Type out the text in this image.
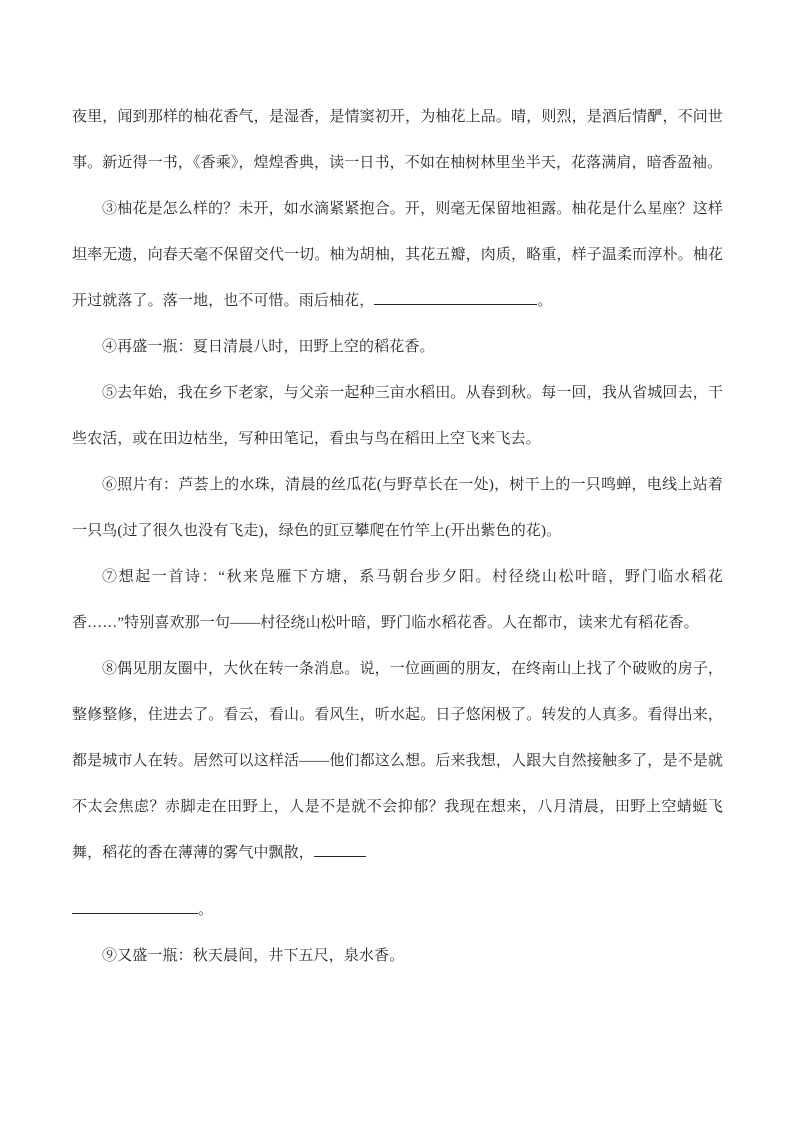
夜里，闻到那样的柚花香气，是湿香，是情窦初开，为柚花上品。晴，则烈，是酒后情酽，不问世事。新近得一书，《香乘》，煌煌香典，读一日书，不如在柚树林里坐半天，花落满肩，暗香盈袖。

③柚花是怎么样的？未开，如水滴紧紧抱合。开，则毫无保留地袒露。柚花是什么星座？这样坦率无遗，向春天毫不保留交代一切。柚为胡柚，其花五瓣，肉质，略重，样子温柔而淳朴。柚花开过就落了。落一地，也不可惜。雨后柚花，	。

④再盛一瓶：夏日清晨八时，田野上空的稻花香。

⑤去年始，我在乡下老家，与父亲一起种三亩水稻田。从春到秋。每一回，我从省城回去，干些农活，或在田边枯坐，写种田笔记，看虫与鸟在稻田上空飞来飞去。

⑥照片有：芦荟上的水珠，清晨的丝瓜花(与野草长在一处)，树干上的一只鸣蝉，电线上站着一只鸟(过了很久也没有飞走)，绿色的豇豆攀爬在竹竿上(开出紫色的花)。

⑦想起一首诗：“秋来凫雁下方塘，系马朝台步夕阳。村径绕山松叶暗，野门临水稻花香……”特别喜欢那一句——村径绕山松叶暗，野门临水稻花香。人在都市，读来尤有稻花香。

⑧偶见朋友圈中，大伙在转一条消息。说，一位画画的朋友，在终南山上找了个破败的房子，整修整修，住进去了。看云，看山。看风生，听水起。日子悠闲极了。转发的人真多。看得出来，都是城市人在转。居然可以这样活——他们都这么想。后来我想，人跟大自然接触多了，是不是就不太会焦虑？赤脚走在田野上，人是不是就不会抑郁？我现在想来，八月清晨，田野上空蜻蜓飞舞，稻花的香在薄薄的雾气中飘散，

。

⑨又盛一瓶：秋天晨间，井下五尺，泉水香。
